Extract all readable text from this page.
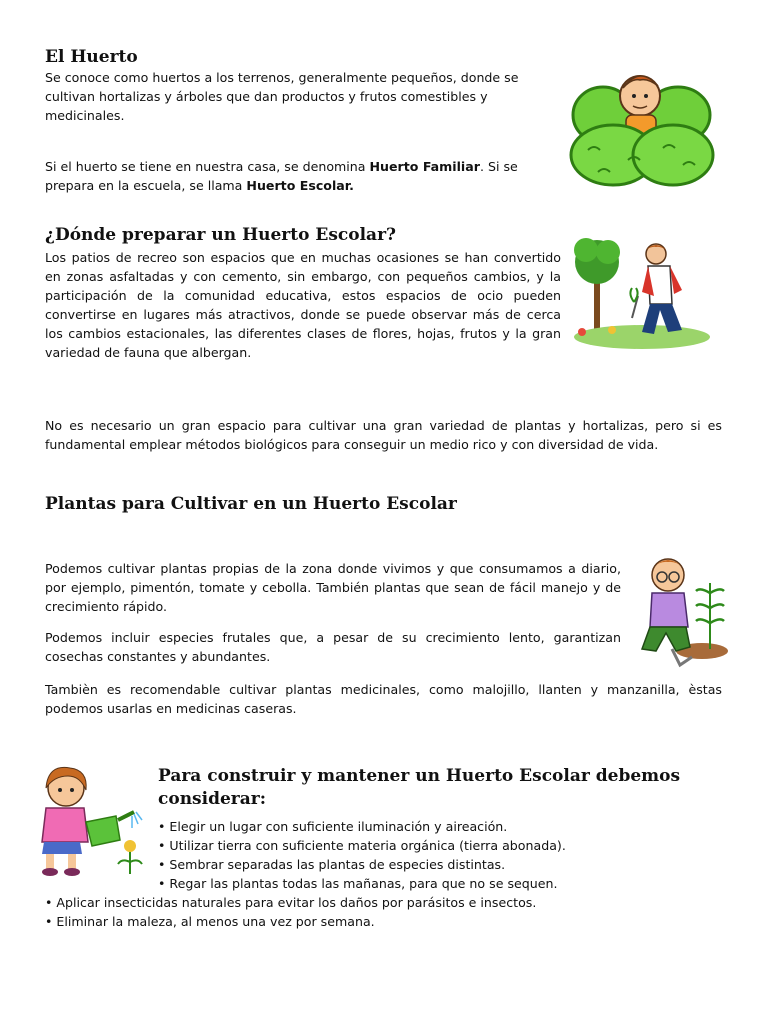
El Huerto

Se conoce como huertos a los terrenos, generalmente pequeños, donde se cultivan hortalizas y árboles que dan productos y frutos comestibles y medicinales.

Si el huerto se tiene en nuestra casa, se denomina Huerto Familiar. Si se prepara en la escuela, se llama Huerto Escolar.

¿Dónde preparar un Huerto Escolar?

Los patios de recreo son espacios que en muchas ocasiones se han convertido en zonas asfaltadas y con cemento, sin embargo, con pequeños cambios, y la participación de la comunidad educativa, estos espacios de ocio pueden convertirse en lugares más atractivos, donde se puede observar más de cerca los cambios estacionales, las diferentes clases de flores, hojas, frutos y la gran variedad de fauna que albergan.

No es necesario un gran espacio para cultivar una gran variedad de plantas y hortalizas, pero si es fundamental emplear métodos biológicos para conseguir un medio rico y con diversidad de vida.

Plantas para Cultivar en un Huerto Escolar

Podemos cultivar plantas propias de la zona donde vivimos y que consumamos a diario, por ejemplo, pimentón, tomate y cebolla. También plantas que sean de fácil manejo y de crecimiento rápido.

Podemos incluir especies frutales que, a pesar de su crecimiento lento, garantizan cosechas constantes y abundantes.

Tambièn es recomendable cultivar plantas medicinales, como malojillo, llanten y manzanilla, èstas podemos usarlas en medicinas caseras.

Para construir y mantener un Huerto Escolar debemos
considerar:
• Elegir un lugar con suficiente iluminación y aireación.
• Utilizar tierra con suficiente materia orgánica (tierra abonada).
• Sembrar separadas las plantas de especies distintas.
• Regar las plantas todas las mañanas, para que no se sequen.
• Aplicar insecticidas naturales para evitar los daños por parásitos e insectos.
• Eliminar la maleza, al menos una vez por semana.
